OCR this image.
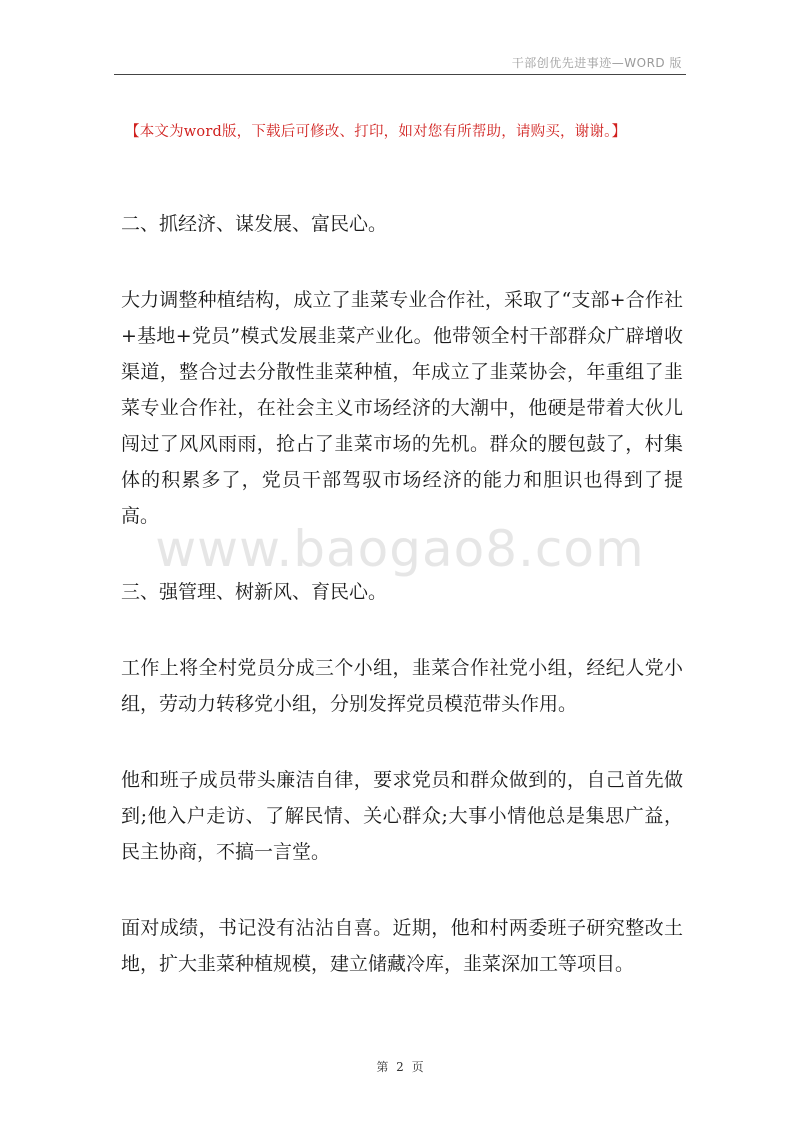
干部创优先进事迹—WORD 版
【本文为word版，下载后可修改、打印，如对您有所帮助，请购买，谢谢。】
www.baogao8.com

二、抓经济、谋发展、富民心。

大力调整种植结构，成立了韭菜专业合作社，采取了“支部+合作社+基地+党员”模式发展韭菜产业化。他带领全村干部群众广辟增收渠道，整合过去分散性韭菜种植，年成立了韭菜协会，年重组了韭菜专业合作社，在社会主义市场经济的大潮中，他硬是带着大伙儿闯过了风风雨雨，抢占了韭菜市场的先机。群众的腰包鼓了，村集体的积累多了，党员干部驾驭市场经济的能力和胆识也得到了提高。

三、强管理、树新风、育民心。

工作上将全村党员分成三个小组，韭菜合作社党小组，经纪人党小组，劳动力转移党小组，分别发挥党员模范带头作用。

他和班子成员带头廉洁自律，要求党员和群众做到的，自己首先做到;他入户走访、了解民情、关心群众;大事小情他总是集思广益，民主协商，不搞一言堂。

面对成绩，书记没有沾沾自喜。近期，他和村两委班子研究整改土地，扩大韭菜种植规模，建立储藏冷库，韭菜深加工等项目。

第 2 页
